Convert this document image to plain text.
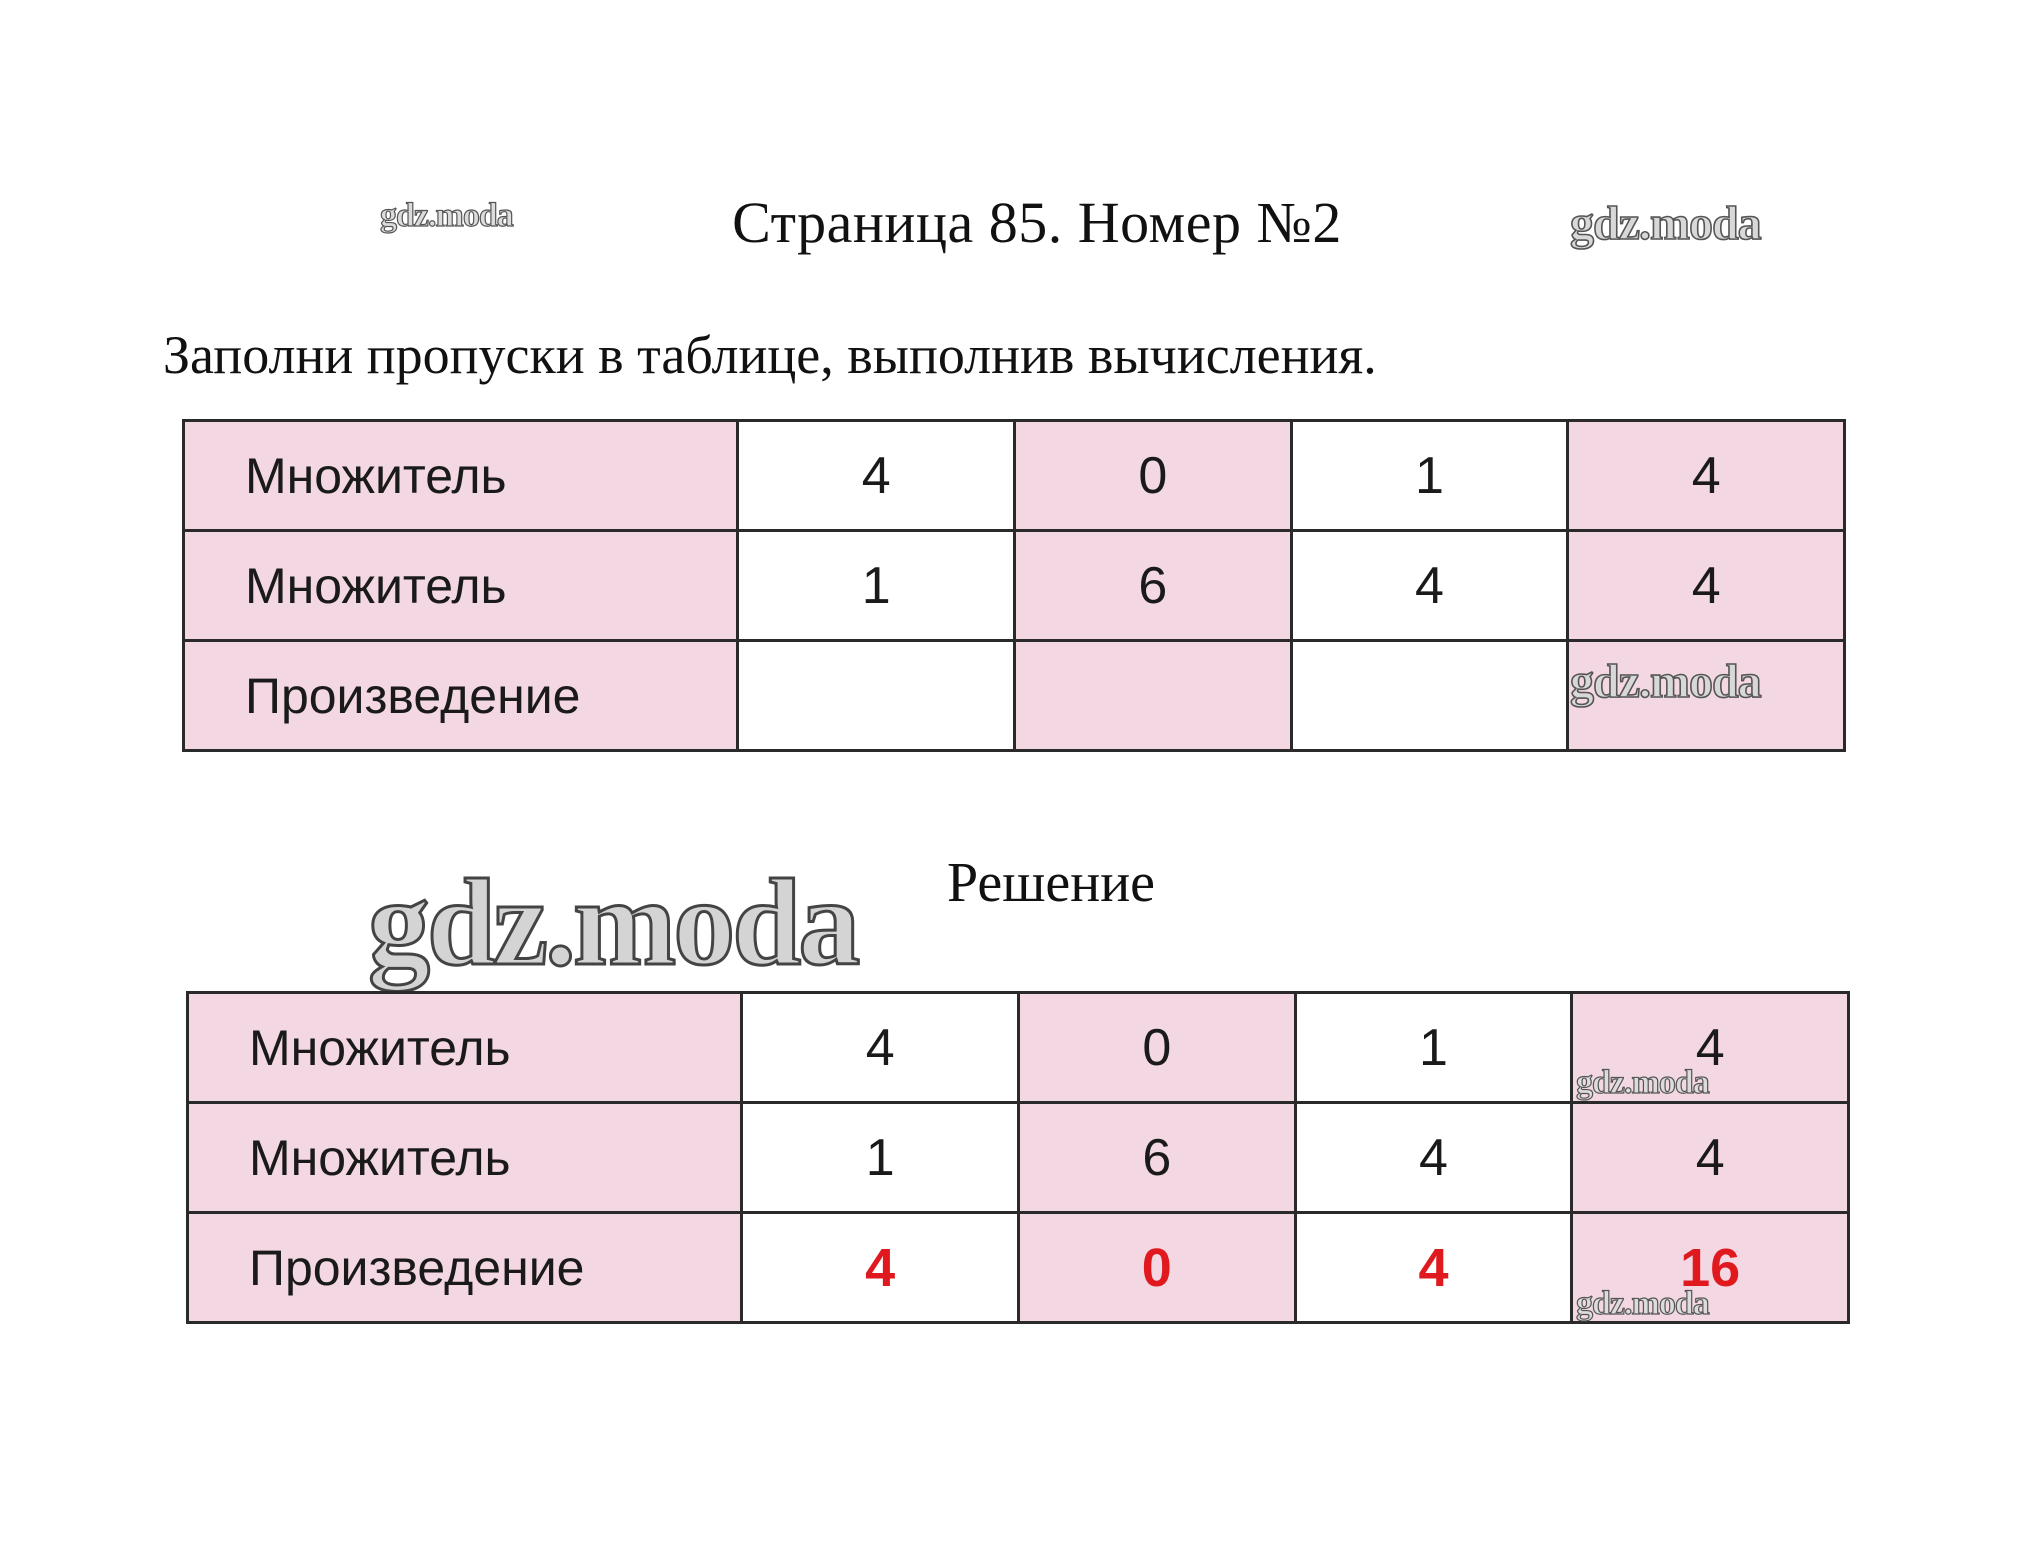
Страница 85. Номер №2
gdz.moda	gdz.moda
Заполни пропуски в таблице, выполнив вычисления.
Множитель	4	0	1	4
Множитель	1	6	4	4
Произведение					gdz.moda
gdz.moda Решение
Множитель	4	0	1	4
Множитель	1	6	4	4
Произведение	4	0	4	16
gdz.moda
gdz.moda
